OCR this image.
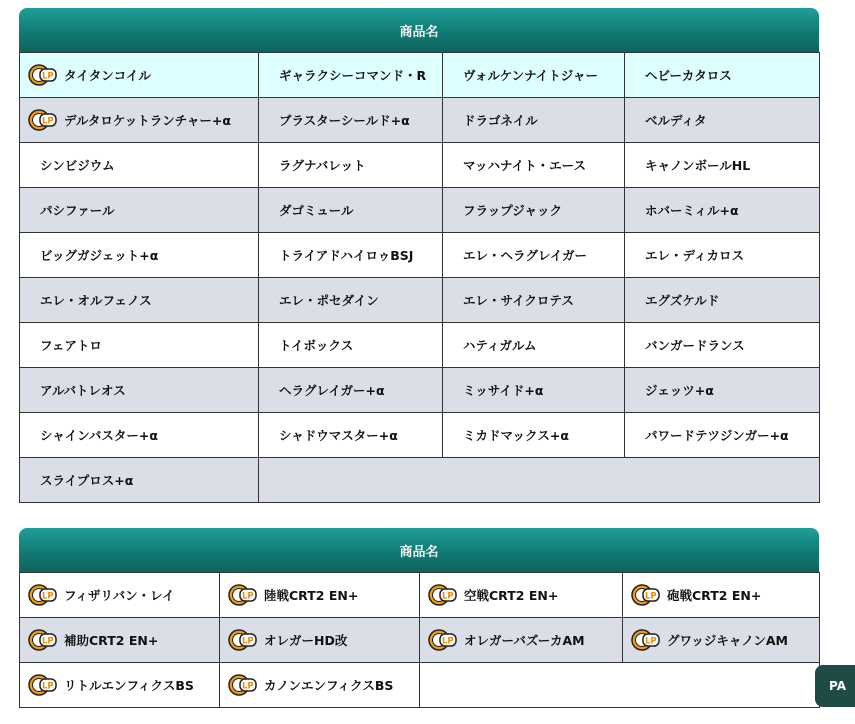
商品名
LP タイタンコイル	ギャラクシーコマンド・R	ヴォルケンナイトジャー	ヘビーカタロス

LP デルタロケットランチャー+α	ブラスターシールド+α	ドラゴネイル	ベルディタ

シンビジウム	ラグナバレット	マッハナイト・エース	キャノンボールHL

パシファール	ダゴミュール	フラップジャック	ホバーミィル+α

ビッグガジェット+α	トライアドハイロゥBSJ	エレ・ヘラグレイガー	エレ・ディカロス

エレ・オルフェノス	エレ・ポセダイン	エレ・サイクロテス	エグズケルド

フェアトロ	トイボックス	ハティガルム	バンガードランス

アルバトレオス	ヘラグレイガー+α	ミッサイド+α	ジェッツ+α

シャインバスター+α	シャドウマスター+α	ミカドマックス+α	パワードテツジンガー+α

スライプロス+α			

商品名
LP フィザリバン・レイ	LP 陸戦CRT2 EN+	LP 空戦CRT2 EN+	LP 砲戦CRT2 EN+

LP 補助CRT2 EN+	LP オレガーHD改	LP オレガーバズーカAM	LP グワッジキャノンAM

LP リトルエンフィクスBS	LP カノンエンフィクスBS		
		PA
